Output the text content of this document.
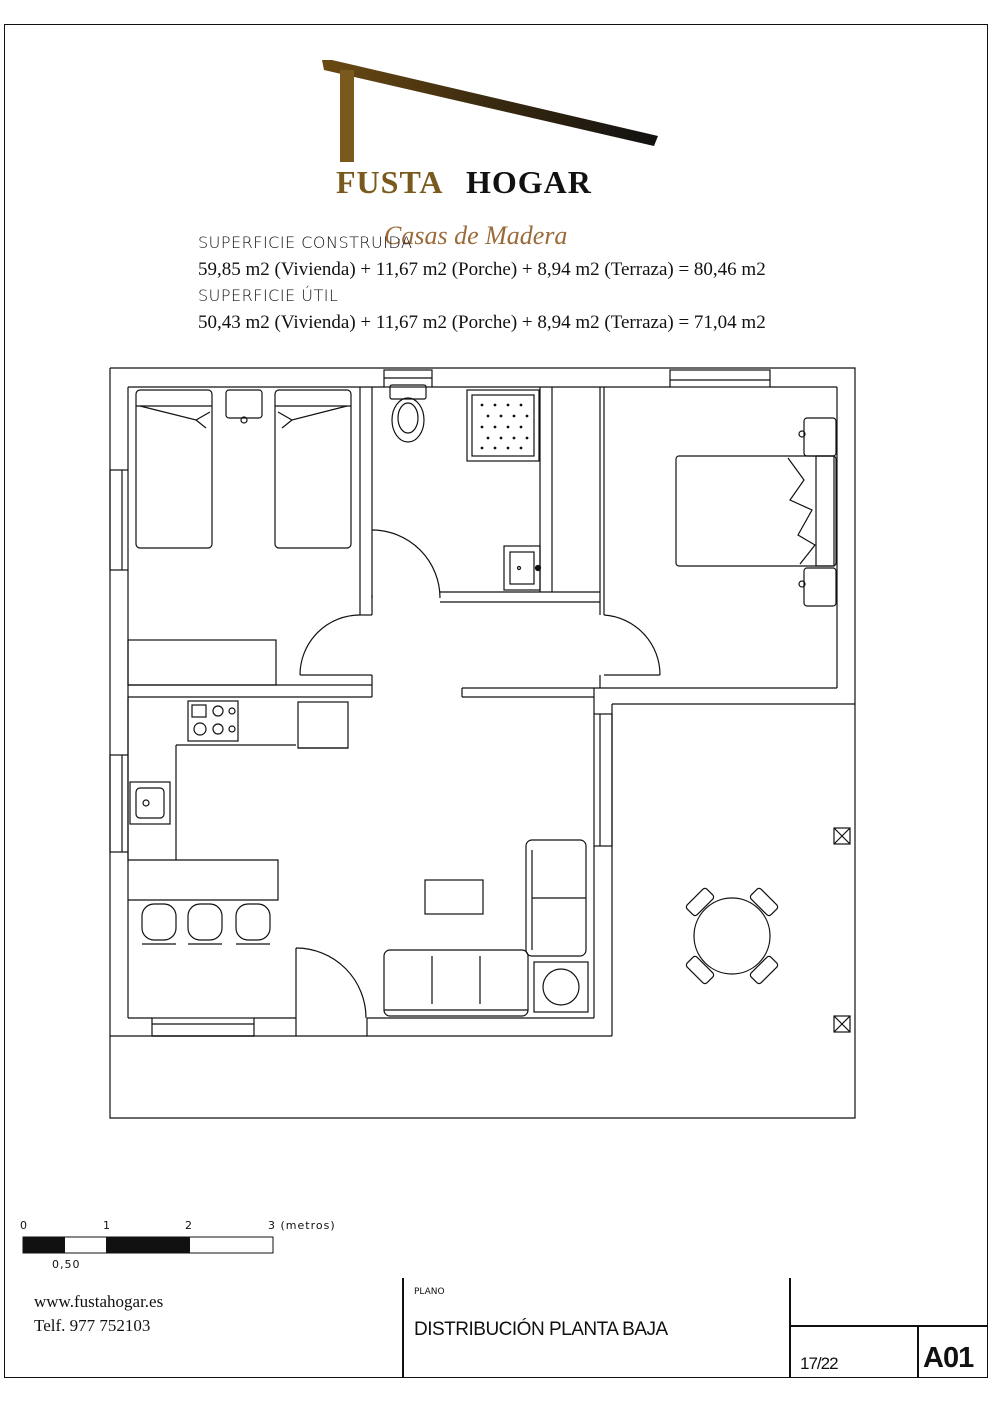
FUSTA HOGAR
Casas de Madera
SUPERFICIE CONSTRUIDA
59,85 m2 (Vivienda) + 11,67 m2 (Porche) + 8,94 m2 (Terraza) = 80,46 m2
SUPERFICIE ÚTIL
50,43 m2 (Vivienda) + 11,67 m2 (Porche) + 8,94 m2 (Terraza) = 71,04 m2
0	1	2	3 (metros)
0,50
www.fustahogar.es
Telf. 977 752103
PLANO
DISTRIBUCIÓN PLANTA BAJA
17/22	A01
